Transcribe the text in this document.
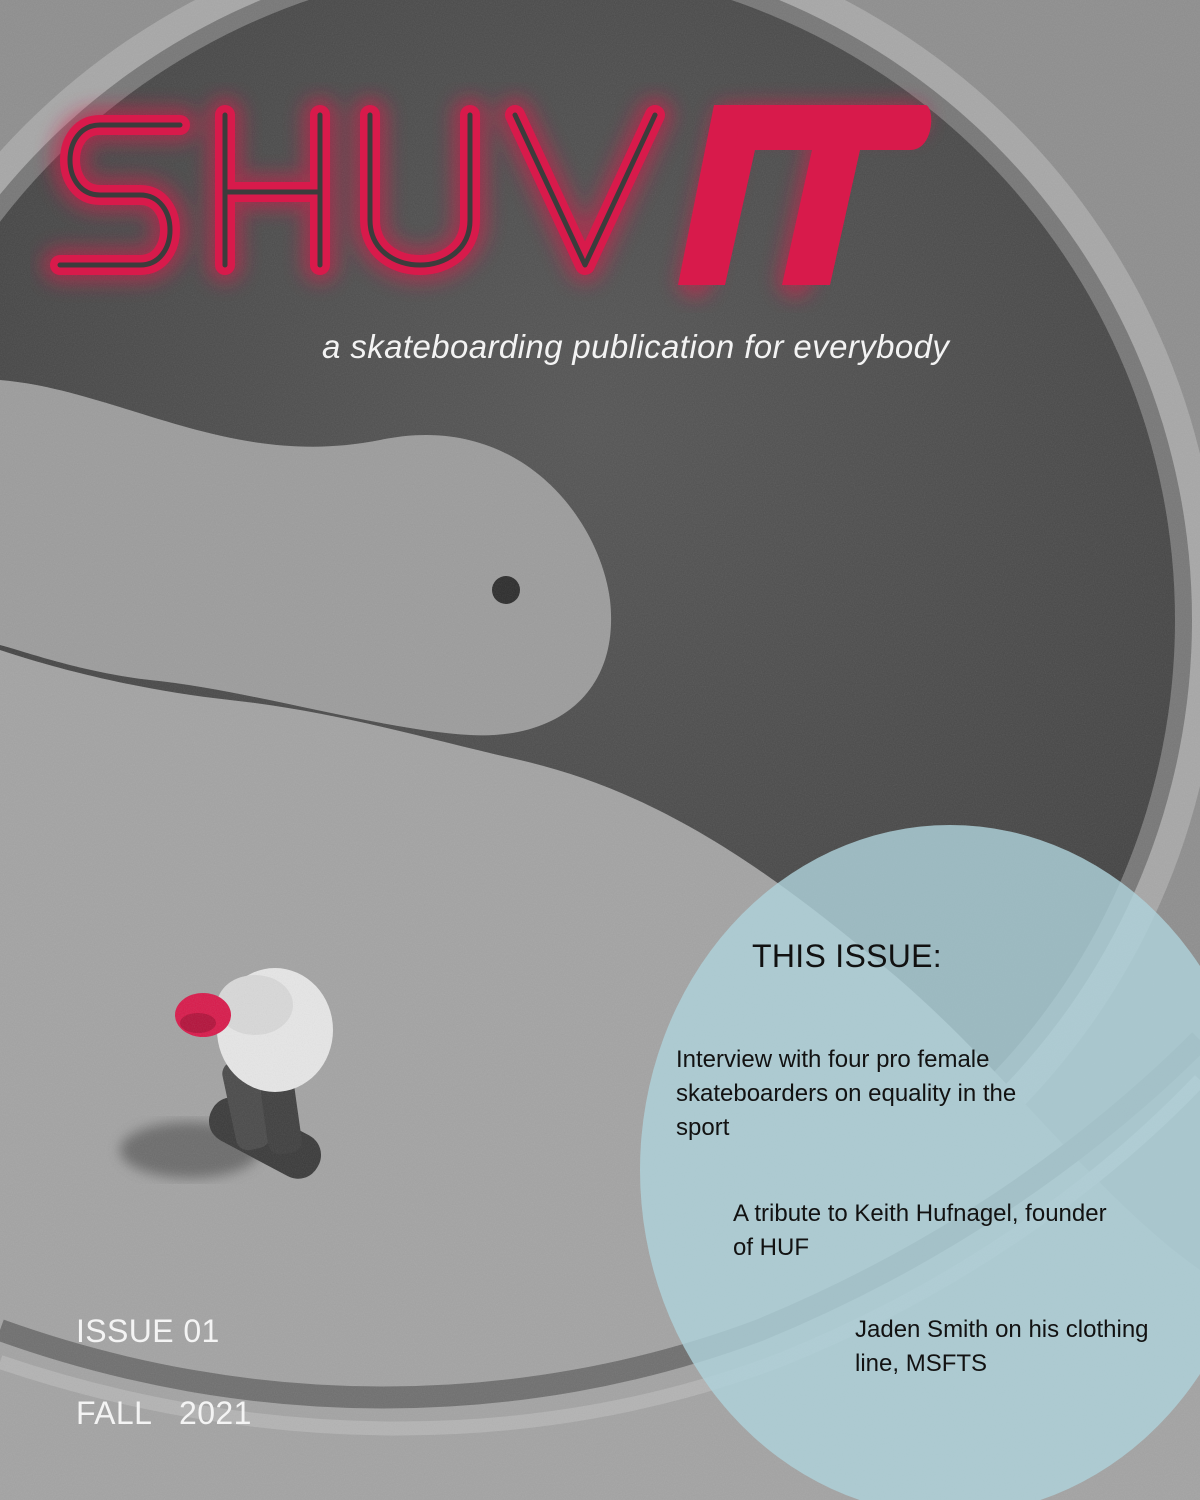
a skateboarding publication for everybody
THIS ISSUE:
Interview with four pro female skateboarders on equality in the sport
A tribute to Keith Hufnagel, founder of HUF
Jaden Smith on his clothing line, MSFTS
ISSUE 01
FALL   2021
